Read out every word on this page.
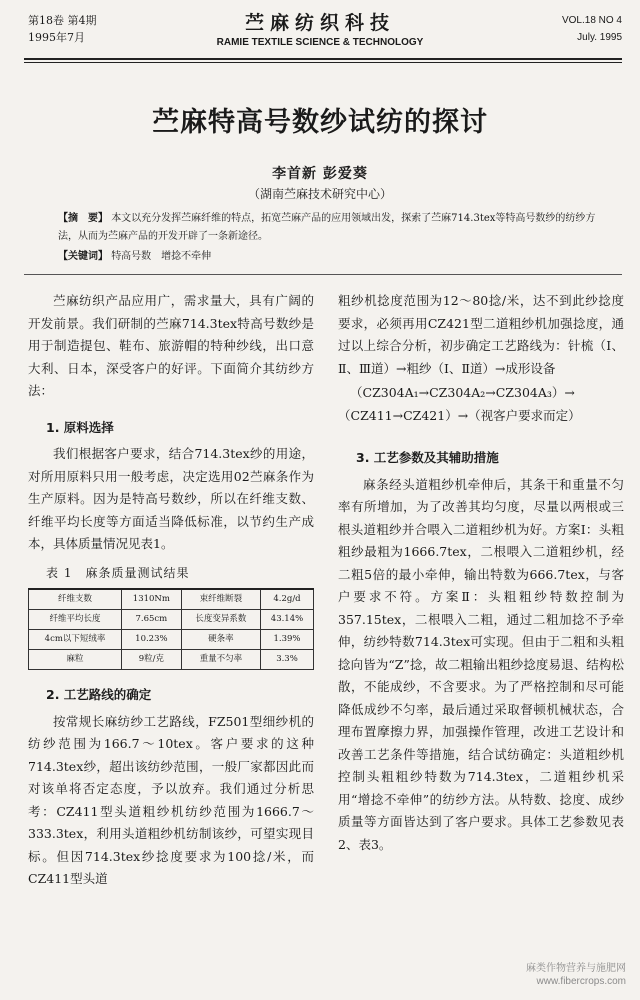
第18卷 第4期
1995年7月
苎麻纺织科技
RAMIE TEXTILE SCIENCE & TECHNOLOGY
VOL.18 NO 4
July. 1995
苎麻特高号数纱试纺的探讨
李首新 彭爱葵
（湖南苎麻技术研究中心）
【摘　要】 本文以充分发挥苎麻纤维的特点，拓宽苎麻产品的应用领域出发，探索了苎麻714.3tex等特高号数纱的纺纱方法，从而为苎麻产品的开发开辟了一条新途径。
【关键词】 特高号数　增捻不牵伸

苎麻纺织产品应用广，需求量大，具有广阔的开发前景。我们研制的苎麻714.3tex特高号数纱是用于制造提包、鞋布、旅游帽的特种纱线，出口意大利、日本，深受客户的好评。下面简介其纺纱方法：

1. 原料选择

我们根据客户要求，结合714.3tex纱的用途，对所用原料只用一般考虑，决定选用02苎麻条作为生产原料。因为是特高号数纱，所以在纤维支数、纤维平均长度等方面适当降低标准，以节约生产成本，具体质量情况见表1。

表 1　麻条质量测试结果
纤维支数	1310Nm	束纤维断裂	4.2g/d
纤维平均长度	7.65cm	长度变异系数	43.14%
4cm以下短绒率	10.23%	硬条率	1.39%
麻粒	9粒/克	重量不匀率	3.3%
2. 工艺路线的确定

按常规长麻纺纱工艺路线，FZ501型细纱机的纺纱范围为166.7～10tex。客户要求的这种714.3tex纱，超出该纺纱范围，一般厂家都因此而对该单将否定态度，予以放弃。我们通过分析思考：CZ411型头道粗纱机纺纱范围为1666.7～333.3tex，利用头道粗纱机纺制该纱，可望实现目标。但因714.3tex纱捻度要求为100捻/米，而CZ411型头道

粗纱机捻度范围为12～80捻/米，达不到此纱捻度要求，必须再用CZ421型二道粗纱机加强捻度，通过以上综合分析，初步确定工艺路线为：针梳（Ⅰ、Ⅱ、Ⅲ道）→粗纱（Ⅰ、Ⅱ道）→成形设备

（CZ304A₁→CZ304A₂→CZ304A₃）→

（CZ411→CZ421）→（视客户要求而定）

3. 工艺参数及其辅助措施

麻条经头道粗纱机牵伸后，其条干和重量不匀率有所增加，为了改善其均匀度，尽量以两根或三根头道粗纱并合喂入二道粗纱机为好。方案Ⅰ：头粗粗纱最粗为1666.7tex，二根喂入二道粗纱机，经二粗5倍的最小牵伸，输出特数为666.7tex，与客户要求不符。方案Ⅱ：头粗粗纱特数控制为357.15tex，二根喂入二粗，通过二粗加捻不予牵伸，纺纱特数714.3tex可实现。但由于二粗和头粗捻向皆为“Z”捻，故二粗输出粗纱捻度易退、结构松散，不能成纱，不含要求。为了严格控制和尽可能降低成纱不匀率，最后通过采取督顿机械状态，合理布置摩擦力界，加强操作管理，改进工艺设计和改善工艺条件等措施，结合试纺确定：头道粗纱机控制头粗粗纱特数为714.3tex，二道粗纱机采用“增捻不牵伸”的纺纱方法。从特数、捻度、成纱质量等方面皆达到了客户要求。具体工艺参数见表2、表3。

麻类作物营养与施肥网
www.fibercrops.com
